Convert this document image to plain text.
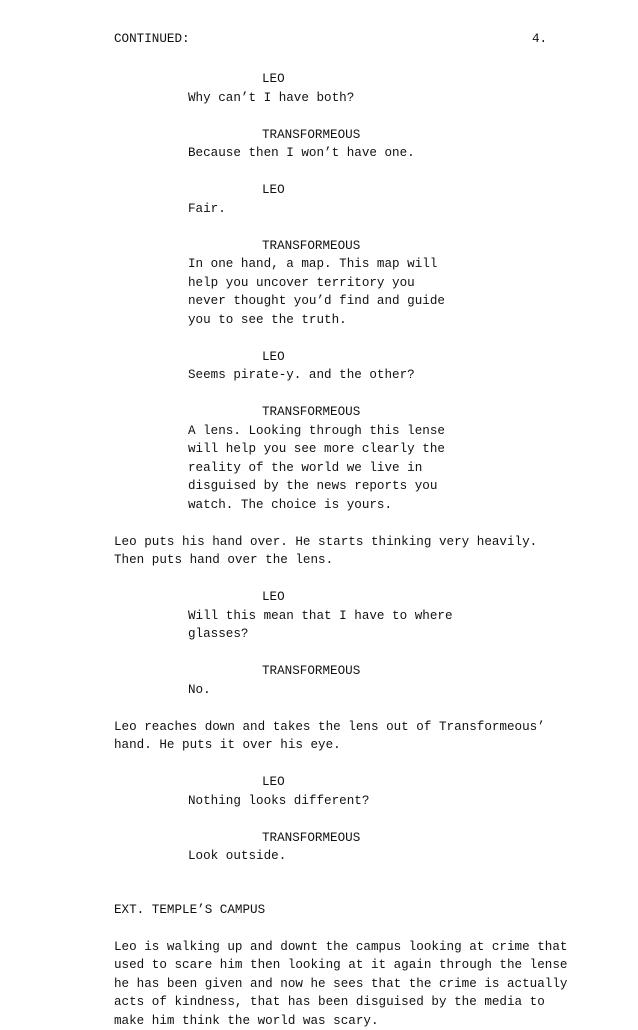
CONTINUED:	4.
LEO
Why can’t I have both?
TRANSFORMEOUS
Because then I won’t have one.
LEO
Fair.
TRANSFORMEOUS
In one hand, a map. This map will
help you uncover territory you
never thought you’d find and guide
you to see the truth.
LEO
Seems pirate-y. and the other?
TRANSFORMEOUS
A lens. Looking through this lense
will help you see more clearly the
reality of the world we live in
disguised by the news reports you
watch. The choice is yours.
Leo puts his hand over. He starts thinking very heavily.
Then puts hand over the lens.
LEO
Will this mean that I have to where
glasses?
TRANSFORMEOUS
No.
Leo reaches down and takes the lens out of Transformeous’
hand. He puts it over his eye.
LEO
Nothing looks different?
TRANSFORMEOUS
Look outside.
EXT. TEMPLE’S CAMPUS
Leo is walking up and downt the campus looking at crime that
used to scare him then looking at it again through the lense
he has been given and now he sees that the crime is actually
acts of kindness, that has been disguised by the media to
make him think the world was scary.
